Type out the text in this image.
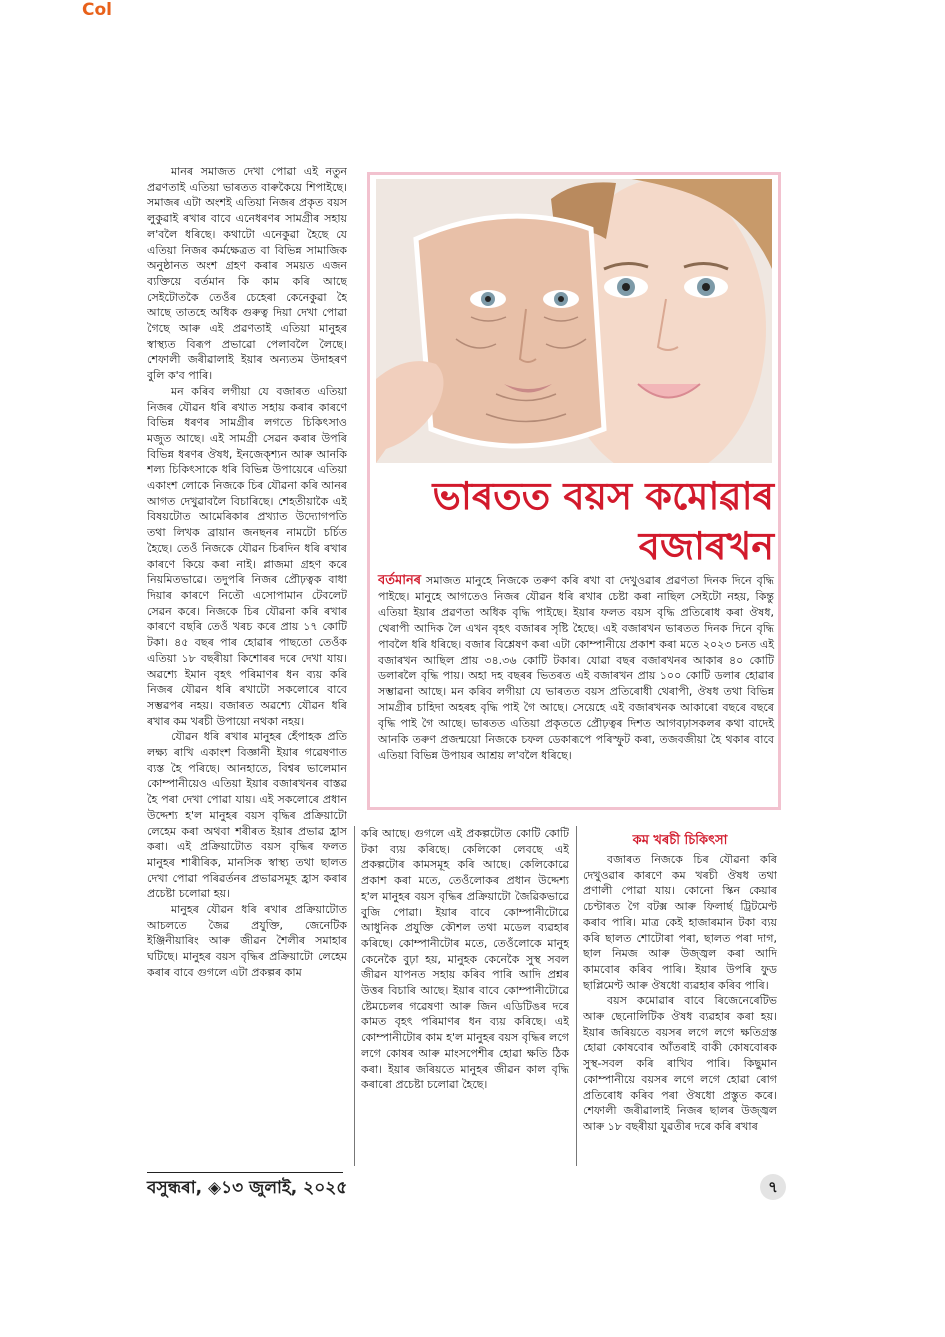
Col

মানৰ সমাজত দেখা পোৱা এই নতুন প্ৰৱণতাই এতিয়া ভাৰতত বাৰুকৈয়ে শিপাইছে। সমাজৰ এটা অংশই এতিয়া নিজৰ প্ৰকৃত বয়স লুকুৱাই ৰখাৰ বাবে এনেধৰণৰ সামগ্ৰীৰ সহায় ল'বলৈ ধৰিছে। কথাটো এনেকুৱা হৈছে যে এতিয়া নিজৰ কৰ্মক্ষেত্ৰত বা বিভিন্ন সামাজিক অনুষ্ঠানত অংশ গ্ৰহণ কৰাৰ সময়ত এজন ব্যক্তিয়ে বৰ্তমান কি কাম কৰি আছে সেইটোতকৈ তেওঁৰ চেহেৰা কেনেকুৱা হৈ আছে তাতহে অধিক গুৰুত্ব দিয়া দেখা পোৱা গৈছে আৰু এই প্ৰৱণতাই এতিয়া মানুহৰ স্বাস্থ্যত বিৰূপ প্ৰভাৱো পেলাবলৈ লৈছে। শেফালী জৰীৱালাই ইয়াৰ অন্যতম উদাহৰণ বুলি ক'ব পাৰি।

মন কৰিব লগীয়া যে বজাৰত এতিয়া নিজৰ যৌৱন ধৰি ৰখাত সহায় কৰাৰ কাৰণে বিভিন্ন ধৰণৰ সামগ্ৰীৰ লগতে চিকিৎসাও মজুত আছে। এই সামগ্ৰী সেৱন কৰাৰ উপৰি বিভিন্ন ধৰণৰ ঔষধ, ইনজেক্শ্যন আৰু আনকি শল্য চিকিৎসাকে ধৰি বিভিন্ন উপায়েৰে এতিয়া একাংশ লোকে নিজকে চিৰ যৌৱনা কৰি আনৰ আগত দেখুৱাবলৈ বিচাৰিছে। শেহতীয়াকৈ এই বিষয়টোত আমেৰিকাৰ প্ৰখ্যাত উদ্যোগপতি তথা লিখক ব্ৰায়ান জনছনৰ নামটো চৰ্চিত হৈছে। তেওঁ নিজকে যৌৱন চিৰদিন ধৰি ৰখাৰ কাৰণে কিয়ে কৰা নাই। প্লাজমা গ্ৰহণ কৰে নিয়মিতভাৱে। তদুপৰি নিজৰ প্ৰৌঢ়ত্বক বাধা দিয়াৰ কাৰণে নিতৌ এসোপামান টেবলেট সেৱন কৰে। নিজকে চিৰ যৌৱনা কৰি ৰখাৰ কাৰণে বছৰি তেওঁ খৰচ কৰে প্ৰায় ১৭ কোটি টকা। ৪৫ বছৰ পাৰ হোৱাৰ পাছতো তেওঁক এতিয়া ১৮ বছৰীয়া কিশোৰৰ দৰে দেখা যায়। অৱশ্যে ইমান বৃহৎ পৰিমাণৰ ধন ব্যয় কৰি নিজৰ যৌৱন ধৰি ৰখাটো সকলোৰে বাবে সম্ভৱপৰ নহয়। বজাৰত অৱশ্যে যৌৱন ধৰি ৰখাৰ কম খৰচী উপায়ো নথকা নহয়।

যৌৱন ধৰি ৰখাৰ মানুহৰ হেঁপাহক প্ৰতি লক্ষ্য ৰাখি একাংশ বিজ্ঞানী ইয়াৰ গৱেষণাত ব্যস্ত হৈ পৰিছে। আনহাতে, বিশ্বৰ ভালেমান কোম্পানীয়েও এতিয়া ইয়াৰ বজাৰখনৰ বাস্তৱ হৈ পৰা দেখা পোৱা যায়। এই সকলোৰে প্ৰধান উদ্দেশ্য হ'ল মানুহৰ বয়স বৃদ্ধিৰ প্ৰক্ৰিয়াটো লেহেম কৰা অথবা শৰীৰত ইয়াৰ প্ৰভাৱ হ্ৰাস কৰা। এই প্ৰক্ৰিয়াটোত বয়স বৃদ্ধিৰ ফলত মানুহৰ শাৰীৰিক, মানসিক স্বাস্থ্য তথা ছালত দেখা পোৱা পৰিৱৰ্তনৰ প্ৰভাৱসমূহ হ্ৰাস কৰাৰ প্ৰচেষ্টা চলোৱা হয়।

মানুহৰ যৌৱন ধৰি ৰখাৰ প্ৰক্ৰিয়াটোত আচলতে জৈৱ প্ৰযুক্তি, জেনেটিক ইঞ্জিনীয়াৰিং আৰু জীৱন শৈলীৰ সমাহাৰ ঘটিছে। মানুহৰ বয়স বৃদ্ধিৰ প্ৰক্ৰিয়াটো লেহেম কৰাৰ বাবে গুগলে এটা প্ৰকল্পৰ কাম

ভাৰতত বয়স কমোৱাৰ
বজাৰখন
বৰ্তমানৰ সমাজত মানুহে নিজকে তৰুণ কৰি ৰখা বা দেখুওৱাৰ প্ৰৱণতা দিনক দিনে বৃদ্ধি পাইছে। মানুহে আগতেও নিজৰ যৌৱন ধৰি ৰখাৰ চেষ্টা কৰা নাছিল সেইটো নহয়, কিন্তু এতিয়া ইয়াৰ প্ৰৱণতা অধিক বৃদ্ধি পাইছে। ইয়াৰ ফলত বয়স বৃদ্ধি প্ৰতিৰোধ কৰা ঔষধ, থেৰাপী আদিক লৈ এখন বৃহৎ বজাৰৰ সৃষ্টি হৈছে। এই বজাৰখন ভাৰতত দিনক দিনে বৃদ্ধি পাবলৈ ধৰি ধৰিছে। বজাৰ বিশ্লেষণ কৰা এটা কোম্পানীয়ে প্ৰকাশ কৰা মতে ২০২৩ চনত এই বজাৰখন আছিল প্ৰায় ৩৪.৩৬ কোটি টকাৰ। যোৱা বছৰ বজাৰখনৰ আকাৰ ৪০ কোটি ডলাৰলৈ বৃদ্ধি পায়। অহা দহ বছৰৰ ভিতৰত এই বজাৰখন প্ৰায় ১০০ কোটি ডলাৰ হোৱাৰ সম্ভাৱনা আছে। মন কৰিব লগীয়া যে ভাৰতত বয়স প্ৰতিৰোধী থেৰাপী, ঔষধ তথা বিভিন্ন সামগ্ৰীৰ চাহিদা অহৰহ বৃদ্ধি পাই গৈ আছে। সেয়েহে এই বজাৰখনক আকাৰো বছৰে বছৰে বৃদ্ধি পাই গৈ আছে। ভাৰতত এতিয়া প্ৰকৃততে প্ৰৌঢ়ত্বৰ দিশত আগবঢ়াসকলৰ কথা বাদেই আনকি তৰুণ প্ৰজন্ময়ো নিজকে চফল ডেকাৰূপে পৰিস্ফুট কৰা, তজবজীয়া হৈ থকাৰ বাবে এতিয়া বিভিন্ন উপায়ৰ আশ্ৰয় ল'বলৈ ধৰিছে।

কৰি আছে। গুগলে এই প্ৰকল্পটোত কোটি কোটি টকা ব্যয় কৰিছে। কেলিকো লেবছে এই প্ৰকল্পটোৰ কামসমূহ কৰি আছে। কেলিকোৱে প্ৰকাশ কৰা মতে, তেওঁলোকৰ প্ৰধান উদ্দেশ্য হ'ল মানুহৰ বয়স বৃদ্ধিৰ প্ৰক্ৰিয়াটো জৈৱিকভাৱে বুজি পোৱা। ইয়াৰ বাবে কোম্পানীটোৱে আধুনিক প্ৰযুক্তি কৌশল তথা মডেল ব্যৱহাৰ কৰিছে। কোম্পানীটোৰ মতে, তেওঁলোকে মানুহ কেনেকৈ বুঢ়া হয়, মানুহক কেনেকৈ সুস্থ সবল জীৱন যাপনত সহায় কৰিব পাৰি আদি প্ৰশ্নৰ উত্তৰ বিচাৰি আছে। ইয়াৰ বাবে কোম্পানীটোৱে ষ্টেমচেলৰ গৱেষণা আৰু জিন এডিটিঙৰ দৰে কামত বৃহৎ পৰিমাণৰ ধন ব্যয় কৰিছে। এই কোম্পানীটোৰ কাম হ'ল মানুহৰ বয়স বৃদ্ধিৰ লগে লগে কোষৰ আৰু মাংসপেশীৰ হোৱা ক্ষতি ঠিক কৰা। ইয়াৰ জৰিয়তে মানুহৰ জীৱন কাল বৃদ্ধি কৰাৰো প্ৰচেষ্টা চলোৱা হৈছে।

কম খৰচী চিকিৎসা

বজাৰত নিজকে চিৰ যৌৱনা কৰি দেখুওৱাৰ কাৰণে কম খৰচী ঔষধ তথা প্ৰণালী পোৱা যায়। কোনো স্কিন কেয়াৰ চেণ্টাৰত গৈ বটক্স আৰু ফিলাৰ্ছ ট্ৰিটমেণ্ট কৰাব পাৰি। মাত্ৰ কেই হাজাৰমান টকা ব্যয় কৰি ছালত শোটোৰা পৰা, ছালত পৰা দাগ, ছাল নিমজ আৰু উজ্জ্বল কৰা আদি কামবোৰ কৰিব পাৰি। ইয়াৰ উপৰি ফুড ছাপ্লিমেণ্ট আৰু ঔষধো ব্যৱহাৰ কৰিব পাৰি।

বয়স কমোৱাৰ বাবে ৰিজেনেৰেটিভ আৰু ছেনোলিটিক ঔষধ ব্যৱহাৰ কৰা হয়। ইয়াৰ জৰিয়তে বয়সৰ লগে লগে ক্ষতিগ্ৰস্ত হোৱা কোষবোৰ আঁতৰাই বাকী কোষবোৰক সুস্থ-সবল কৰি ৰাখিব পাৰি। কিছুমান কোম্পানীয়ে বয়সৰ লগে লগে হোৱা ৰোগ প্ৰতিৰোধ কৰিব পৰা ঔষধো প্ৰস্তুত কৰে। শেফালী জৰীৱালাই নিজৰ ছালৰ উজ্জ্বল আৰু ১৮ বছৰীয়া যুৱতীৰ দৰে কৰি ৰখাৰ

বসুন্ধৰা, ◈১৩ জুলাই, ২০২৫	৭
